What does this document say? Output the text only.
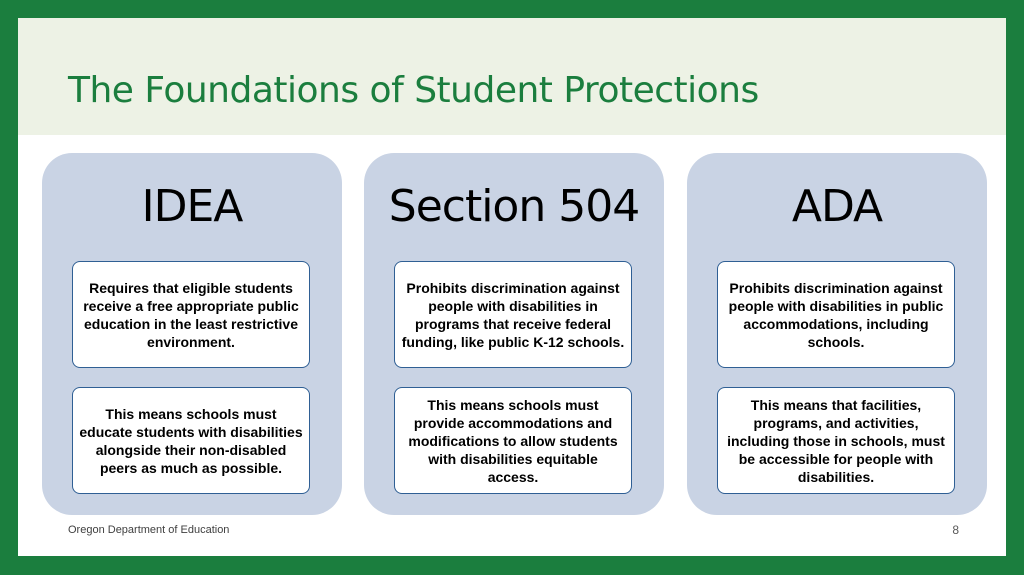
The Foundations of Student Protections
IDEA
Requires that eligible students receive a free appropriate public education in the least restrictive environment.
This means schools must educate students with disabilities alongside their non-disabled peers as much as possible.
Section 504
Prohibits discrimination against people with disabilities in programs that receive federal funding, like public K-12 schools.
This means schools must provide accommodations and modifications to allow students with disabilities equitable access.
ADA
Prohibits discrimination against people with disabilities in public accommodations, including schools.
This means that facilities, programs, and activities, including those in schools, must be accessible for people with disabilities.
Oregon Department of Education	8
